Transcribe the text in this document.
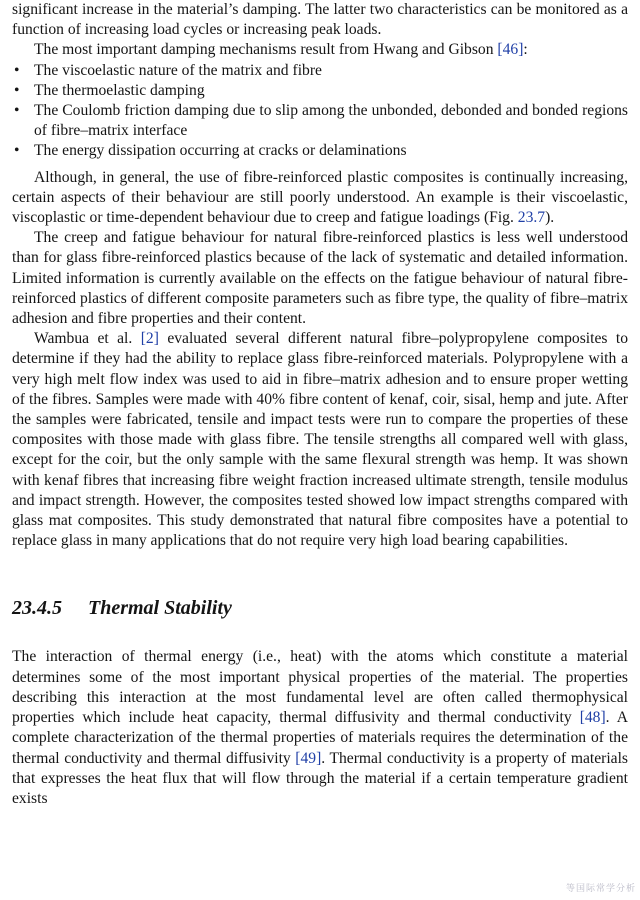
significant increase in the material’s damping. The latter two characteristics can be monitored as a function of increasing load cycles or increasing peak loads.

The most important damping mechanisms result from Hwang and Gibson [46]:

• The viscoelastic nature of the matrix and fibre
• The thermoelastic damping
• The Coulomb friction damping due to slip among the unbonded, debonded and bonded regions of fibre–matrix interface
• The energy dissipation occurring at cracks or delaminations

Although, in general, the use of fibre-reinforced plastic composites is continually increasing, certain aspects of their behaviour are still poorly understood. An example is their viscoelastic, viscoplastic or time-dependent behaviour due to creep and fatigue loadings (Fig. 23.7).

The creep and fatigue behaviour for natural fibre-reinforced plastics is less well understood than for glass fibre-reinforced plastics because of the lack of systematic and detailed information. Limited information is currently available on the effects on the fatigue behaviour of natural fibre-reinforced plastics of different composite parameters such as fibre type, the quality of fibre–matrix adhesion and fibre properties and their content.

Wambua et al. [2] evaluated several different natural fibre–polypropylene composites to determine if they had the ability to replace glass fibre-reinforced materials. Polypropylene with a very high melt flow index was used to aid in fibre–matrix adhesion and to ensure proper wetting of the fibres. Samples were made with 40% fibre content of kenaf, coir, sisal, hemp and jute. After the samples were fabricated, tensile and impact tests were run to compare the properties of these composites with those made with glass fibre. The tensile strengths all compared well with glass, except for the coir, but the only sample with the same flexural strength was hemp. It was shown with kenaf fibres that increasing fibre weight fraction increased ultimate strength, tensile modulus and impact strength. However, the composites tested showed low impact strengths compared with glass mat composites. This study demonstrated that natural fibre composites have a potential to replace glass in many applications that do not require very high load bearing capabilities.

23.4.5 Thermal Stability

The interaction of thermal energy (i.e., heat) with the atoms which constitute a material determines some of the most important physical properties of the material. The properties describing this interaction at the most fundamental level are often called thermophysical properties which include heat capacity, thermal diffusivity and thermal conductivity [48]. A complete characterization of the thermal properties of materials requires the determination of the thermal conductivity and thermal diffusivity [49]. Thermal conductivity is a property of materials that expresses the heat flux that will flow through the material if a certain temperature gradient exists

等国际常学分析
